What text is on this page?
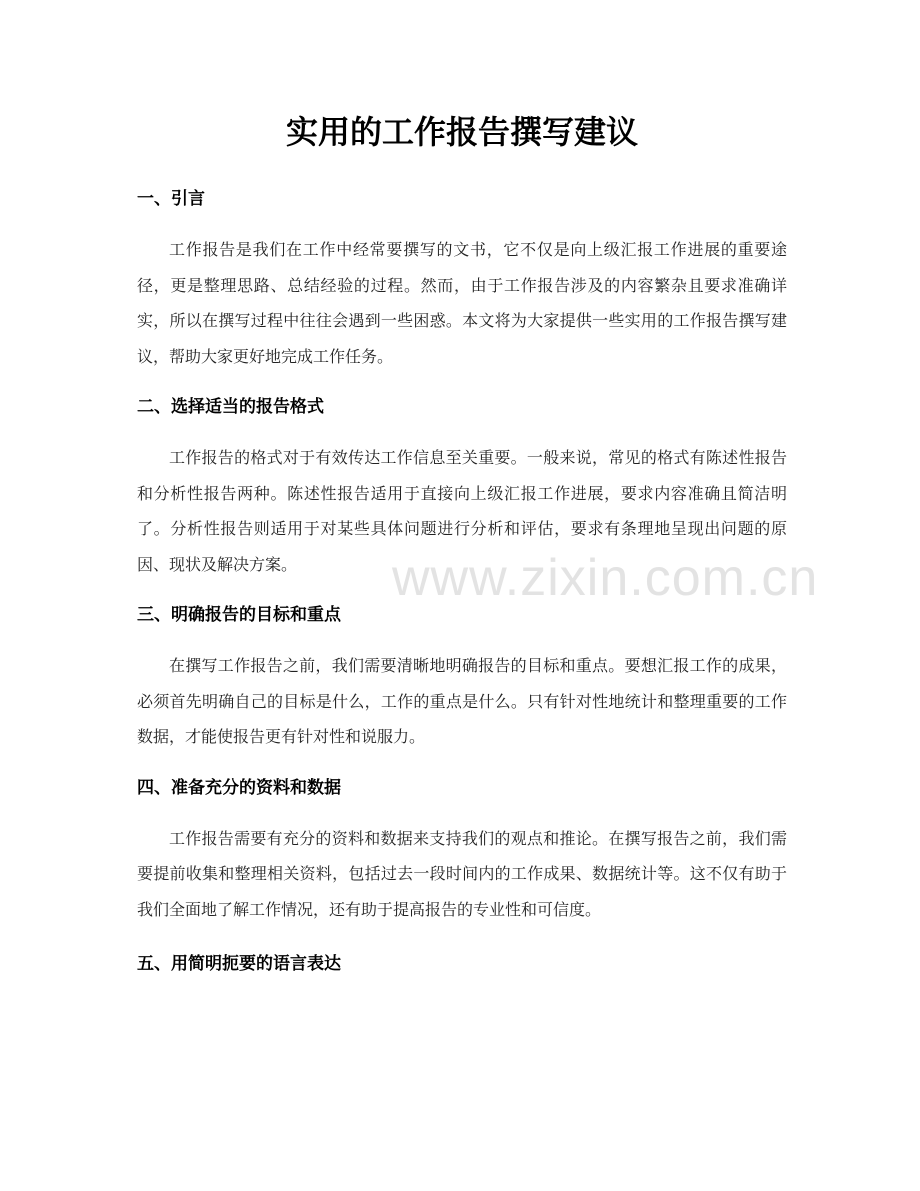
www.zixin.com.cn
实用的工作报告撰写建议
一、引言

工作报告是我们在工作中经常要撰写的文书，它不仅是向上级汇报工作进展的重要途径，更是整理思路、总结经验的过程。然而，由于工作报告涉及的内容繁杂且要求准确详实，所以在撰写过程中往往会遇到一些困惑。本文将为大家提供一些实用的工作报告撰写建议，帮助大家更好地完成工作任务。

二、选择适当的报告格式

工作报告的格式对于有效传达工作信息至关重要。一般来说，常见的格式有陈述性报告和分析性报告两种。陈述性报告适用于直接向上级汇报工作进展，要求内容准确且简洁明了。分析性报告则适用于对某些具体问题进行分析和评估，要求有条理地呈现出问题的原因、现状及解决方案。

三、明确报告的目标和重点

在撰写工作报告之前，我们需要清晰地明确报告的目标和重点。要想汇报工作的成果，必须首先明确自己的目标是什么，工作的重点是什么。只有针对性地统计和整理重要的工作数据，才能使报告更有针对性和说服力。

四、准备充分的资料和数据

工作报告需要有充分的资料和数据来支持我们的观点和推论。在撰写报告之前，我们需要提前收集和整理相关资料，包括过去一段时间内的工作成果、数据统计等。这不仅有助于我们全面地了解工作情况，还有助于提高报告的专业性和可信度。

五、用简明扼要的语言表达
